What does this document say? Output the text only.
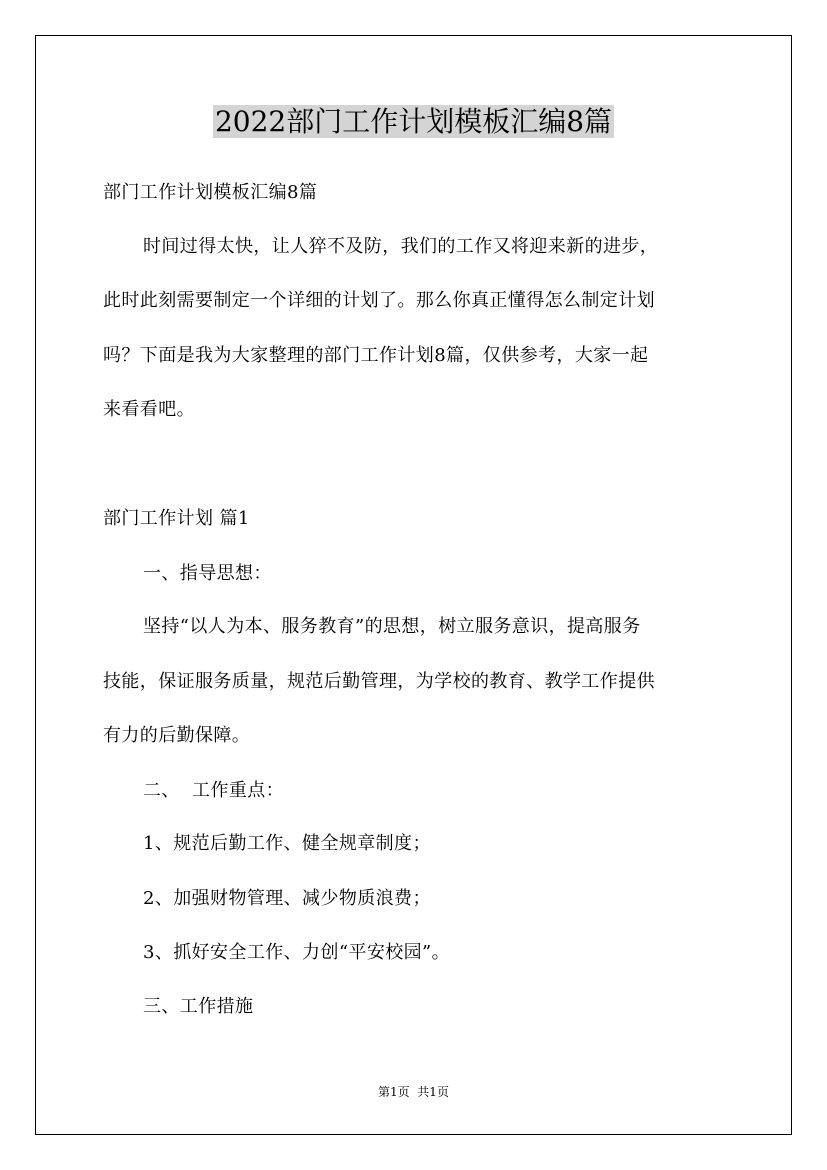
2022部门工作计划模板汇编8篇
部门工作计划模板汇编8篇
时间过得太快，让人猝不及防，我们的工作又将迎来新的进步，
此时此刻需要制定一个详细的计划了。那么你真正懂得怎么制定计划
吗？下面是我为大家整理的部门工作计划8篇，仅供参考，大家一起
来看看吧。
部门工作计划 篇1
一、指导思想：
坚持“以人为本、服务教育”的思想，树立服务意识，提高服务
技能，保证服务质量，规范后勤管理，为学校的教育、教学工作提供
有力的后勤保障。
二、  工作重点：
1、规范后勤工作、健全规章制度；
2、加强财物管理、减少物质浪费；
3、抓好安全工作、力创“平安校园”。
三、工作措施
第1页  共1页
